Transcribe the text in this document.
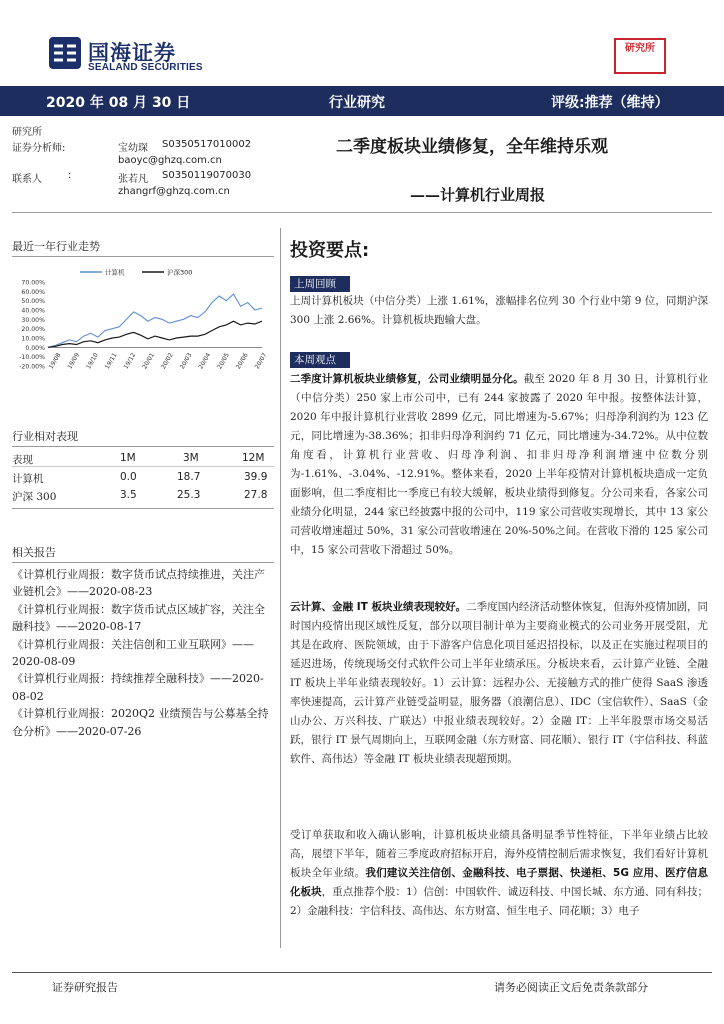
国海证券
SEALAND SECURITIES
研究所
2020 年 08 月 30 日	行业研究	评级:推荐（维持）
研究所
证券分析师:	宝幼琛 S0350517010002
baoyc@ghzq.com.cn
联系人	:	张若凡 S0350119070030
zhangrf@ghzq.com.cn
二季度板块业绩修复，全年维持乐观
——计算机行业周报
最近一年行业走势
70.00%
60.00%
50.00%
40.00%
30.00%
20.00%
10.00%
0.00%
-10.00%
-20.00% 19/08 19/09 19/10 19/11 19/12 20/01 20/02 20/03 20/04 20/05 20/06 20/07
计算机	沪深300
行业相对表现
表现	1M	3M	12M
计算机	0.0	18.7	39.9
沪深 300	3.5	25.3	27.8
相关报告
《计算机行业周报：数字货币试点持续推进，关注产业链机会》——2020-08-23
《计算机行业周报：数字货币试点区域扩容，关注全融科技》——2020-08-17
《计算机行业周报：关注信创和工业互联网》——2020-08-09
《计算机行业周报：持续推荐全融科技》——2020-08-02
《计算机行业周报：2020Q2 业绩预告与公募基全持仓分析》——2020-07-26
投资要点:
上周回顾
上周计算机板块（中信分类）上涨 1.61%，涨幅排名位列 30 个行业中第 9 位，同期沪深 300 上涨 2.66%。计算机板块跑输大盘。
本周观点
二季度计算机板块业绩修复，公司业绩明显分化。截至 2020 年 8 月 30 日，计算机行业（中信分类）250 家上市公司中，已有 244 家披露了 2020 年中报。按整体法计算，2020 年中报计算机行业营收 2899 亿元，同比增速为-5.67%；归母净利润约为 123 亿元，同比增速为-38.36%；扣非归母净利润约 71 亿元，同比增速为-34.72%。从中位数角度看，计算机行业营收、归母净利润、扣非归母净利润增速中位数分别为-1.61%、-3.04%、-12.91%。整体来看，2020 上半年疫情对计算机板块造成一定负面影响，但二季度相比一季度已有较大缓解，板块业绩得到修复。分公司来看，各家公司业绩分化明显，244 家已经披露中报的公司中，119 家公司营收实现增长，其中 13 家公司营收增速超过 50%，31 家公司营收增速在 20%-50%之间。在营收下滑的 125 家公司中，15 家公司营收下滑超过 50%。
云计算、金融 IT 板块业绩表现较好。二季度国内经济活动整体恢复，但海外疫情加剧，同时国内疫情出现区域性反复，部分以项目制计单为主要商业模式的公司业务开展受阻，尤其是在政府、医院领域，由于下游客户信息化项目延迟招投标，以及正在实施过程项目的延迟进场，传统现场交付式软件公司上半年业绩承压。分板块来看，云计算产业链、全融 IT 板块上半年业绩表现较好。1）云计算：远程办公、无接触方式的推广使得 SaaS 渗透率快速提高，云计算产业链受益明显，服务器（浪潮信息）、IDC（宝信软件）、SaaS（金山办公、万兴科技、广联达）中报业绩表现较好。2）金融 IT：上半年股票市场交易活跃，银行 IT 景气周期向上，互联网金融（东方财富、同花顺）、银行 IT（宇信科技、科蓝软件、高伟达）等金融 IT 板块业绩表现超预期。
受订单获取和收入确认影响，计算机板块业绩具备明显季节性特征，下半年业绩占比较高，展望下半年，随着三季度政府招标开启，海外疫情控制后需求恢复，我们看好计算机板块全年业绩。我们建议关注信创、金融科技、电子票据、快递柜、5G 应用、医疗信息化板块，重点推荐个股：1）信创：中国软件、诚迈科技、中国长城、东方通、同有科技；2）金融科技：宇信科技、高伟达、东方财富、恒生电子、同花顺；3）电子
证券研究报告	请务必阅读正文后免责条款部分
